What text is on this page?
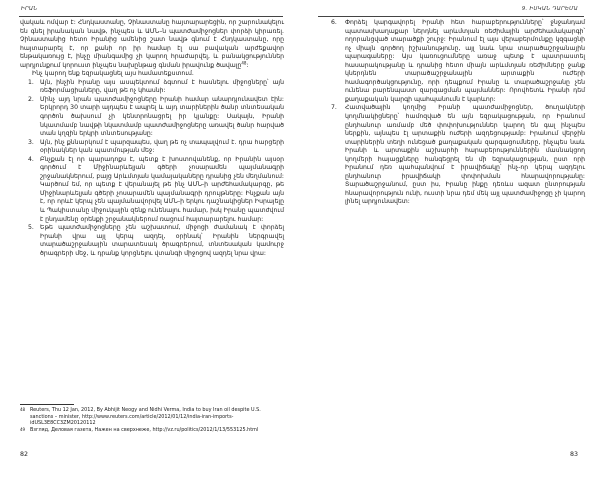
ԻՐԱՆ

վակաև ոմվար է: Հնդկաստանը, Չինաստանը հայտարարեցին, որ շարունակելու են գնել իրանական նավթ, ինչպես և ԱՄՆ–ն պատժամիջոցներ փորձի կիրառել. Չինաստանից հետո Իրանից ամենից շատ նավթ գնում է Հնդկաստանը, որը հայտարարել է, որ քանի որ իր համար էլ սա բավական արժեքավոր ենթակառույց է, ինչը միանգամից չի կարող հրաժարվել, և բանակցություններ արդյունքում կորուստ ինչպես նախընթաց գնման իրավունք ծավալը$^{48}$:

Ինչ կարող ենք եզրակացնել այս համատեքստում.

1. Այն, ինչին Իրանը այս ասպեկտում ձգտում է հասնելու միջոցները՝ այն ռեֆորմացիաները, վաղ թե ոչ կհասնի:
2. Մինչ այդ նրան պատժամիջոցները Իրանի համար անարդյունավետ էին: Երկրորդ 30 տարի այդպես է ապրել և այդ տարիներին ծանր տնտեսական գործոն ծախսում չի կենտրոնացրել իր կյանքը: Սակայն, Իրանի նկատմամբ նավթի նկատմամբ պատժամիջոցները առավել ծանր հարված տան կղզին երկրի տնտեսությանը:
3. Այն, ինչ քննարկում է պարզապես, վաղ թե ոչ տապալվում է. դրա հարցերի օրինակներ կան պատմության մեջ:
4. Բնչքան էլ որ պարադոքս է, պետք է խոստովանենք, որ Իրանին այսօր գործում է Միջինարևելյան գծերի չոսարամեն պայմանագրի շրջանակներում, բայց Արևմտյան կամայակաները դրանից չեն մեղմանում: Կարծում եմ, որ պետք է վերանայել թե ինչ ԱՄՆ-ի արժեհամակարգը, թե Միջինարևելյան գծերի չոսարամեն պայմանագրի դրույթները: Ինչքան այն է, որ որևէ կերպ չեն պայմանավորվել ԱՄՆ-ի երկու դաշնակիցներ Իսրայելը և Պակիստանը միջուկային զենք ունենալու համար, իսկ Իրանը պատժվում է ընդամենը օրենքի շրջանակներում ռացում հայտարարելու համար:
5. Եթե պատժամիջոցները չեն աշխատում, միջոցի ժամանակ է փորձել Իրանի վրա այլ կերպ ազդել, օրինակ՝ Իրանին ներգրավել տարածաշրջանային տարատեսակ ծրագրերում, տնտեսական կամուրջ ծրագրերի մեջ, և դրանք կորցնելու վտանգի միջոցով ազդել նրա վրա:

48 Reuters, Thu 12 Jan, 2012, By Abhijit Neogy and Nidhi Verma, India to buy Iran oil despite U.S. sanctions – minister, http://www.reuters.com/article/2012/01/12/india-iran-imports-idUSL3E8CC3ZM20120112

49 Взгляд, Деловая газета, Нажен на сверхнеже, http://vz.ru/politics/2012/1/13/553125.html

82
9. ԻՍԿԱՆ ԴԱՐԵՄԱ
6. Փորձել կարգավորել Իրանի հետ հարաբերությունները՝ ջնջանդամ պատասխաղաքար ներդնել արևմտյան ռեժիմային արժեհամակարգի՝ ողորանցված տարածքի շուրջ: Իրանում էլ այս վերաբերմունքը կզգացնի ոչ միայն գործող իշխանությունը, այլ նաև նրա տարածաշրջանային պարագաները: Այս կառուցումները առաջ պետք է պատրաստել հասարակությանը և դրանից հետո միայն արևմտյան ռեժիմները ջանք կներդնեն տարածաշրջանային արտաքին ուժերի համագործակցությունը, որի դեպքում Իրանը և տարածաշրջանը չեն ունենա բարենպաստ զարգացման պայմաններ: Որովհետև Իրանի դեմ քաղաքական կարգի պահպանումն է կարևոր:
7. Հատվածային կողմից Իրանի պատժամիջոցներ, ծուղակների կողմնակիցները՝ համոզված են այն եզրակացության, որ Իրանում ընդհանուր առմամբ մեծ փոփոխություններ կարող են գալ ինչպես ներքին, այնպես էլ արտաքին ուժերի ազդեցությամբ: Իրանում վերջին տարիներին տեղի ունեցած քաղաքական զարգացումները, ինչպես նաև Իրանի և արտաքին աշխարհի հարաբերություններին մասնակցող կողմերի հայացքները հանգեցրել են մի եզրակացության, ըստ որի Իրանում դեռ պահպանվում է իրավիճակը՝ ինչ-որ կերպ ազդելու ընդհանուր իրավիճակի փոփոխման հնարավորությանը: Տարածաշրջանում, ըստ իս, Իրանը ինքը դեռևս ազատ ընտրության հնարավորություն ունի, ուստի նրա դեմ մեկ այլ պատժամիջոցը չի կարող լինել արդյունավետ:
83
